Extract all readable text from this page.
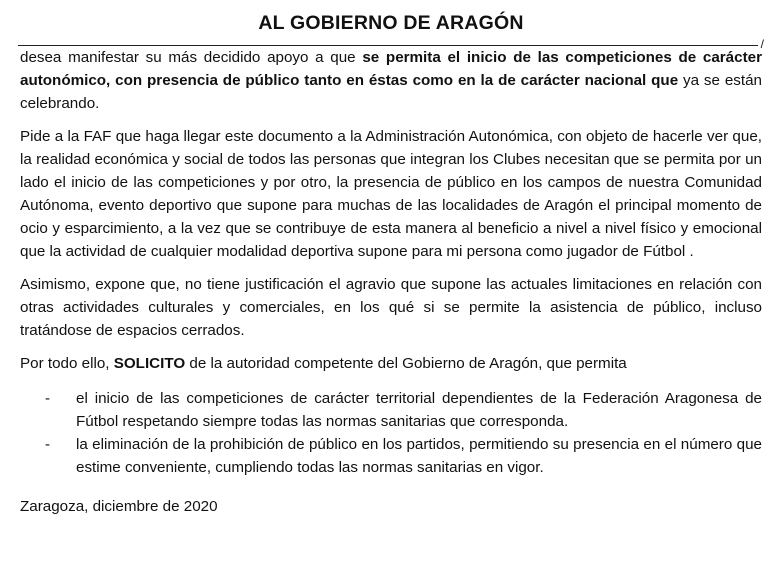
AL GOBIERNO DE ARAGÓN
/

desea manifestar su más decidido apoyo a que se permita el inicio de las competiciones de carácter autonómico, con presencia de público tanto en éstas como en la de carácter nacional que ya se están celebrando.

Pide a la FAF que haga llegar este documento a la Administración Autonómica, con objeto de hacerle ver que, la realidad económica y social de todos las personas que integran los Clubes necesitan que se permita por un lado el inicio de las competiciones y por otro, la presencia de público en los campos de nuestra Comunidad Autónoma, evento deportivo que supone para muchas de las localidades de Aragón el principal momento de ocio y esparcimiento, a la vez que se contribuye de esta manera al beneficio a nivel a nivel físico y emocional que la actividad de cualquier modalidad deportiva supone para mi persona como jugador de Fútbol .

Asimismo, expone que, no tiene justificación el agravio que supone las actuales limitaciones en relación con otras actividades culturales y comerciales, en los qué si se permite la asistencia de público, incluso tratándose de espacios cerrados.

Por todo ello, SOLICITO de la autoridad competente del Gobierno de Aragón, que permita

- el inicio de las competiciones de carácter territorial dependientes de la Federación Aragonesa de Fútbol respetando siempre todas las normas sanitarias que corresponda.
- la eliminación de la prohibición de público en los partidos, permitiendo su presencia en el número que estime conveniente, cumpliendo todas las normas sanitarias en vigor.

Zaragoza, diciembre de 2020
